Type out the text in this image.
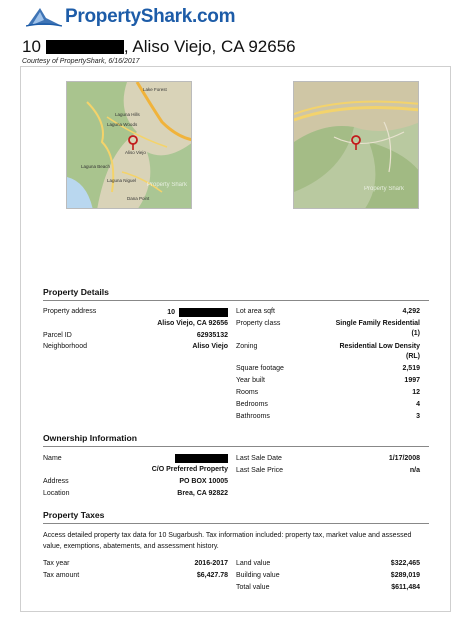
PropertyShark.com
10	, Aliso Viejo, CA 92656
Courtesy of PropertyShark, 6/16/2017
Lake Forest
Laguna Hills
Laguna Woods
Aliso Viejo
Laguna Beach
Laguna Niguel
Dana Point
Property Shark
Property Shark
Property Details
Property address	10
Aliso Viejo, CA 92656
Parcel ID	62935132
Neighborhood	Aliso Viejo
Lot area sqft	4,292
Property class	Single Family Residential
(1)
Zoning	Residential Low Density
(RL)
Square footage	2,519
Year built	1997
Rooms	12
Bedrooms	4
Bathrooms	3
Ownership Information
Name
C/O Preferred Property
Address	PO BOX 10005
Location	Brea, CA 92822
Last Sale Date	1/17/2008
Last Sale Price	n/a
Property Taxes
Access detailed property tax data for 10 Sugarbush. Tax information included: property tax, market value and assessed value, exemptions, abatements, and assessment history.
Tax year	2016-2017
Tax amount	$6,427.78
Land value	$322,465
Building value	$289,019
Total value	$611,484
